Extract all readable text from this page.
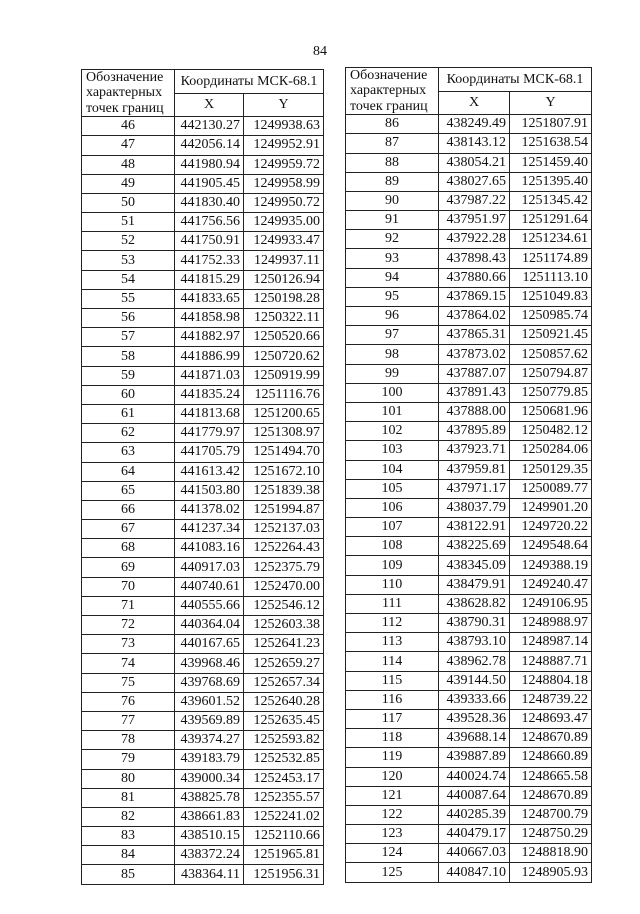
84
Обозначение характерных точек границ	Координаты МСК-68.1	
	X	Y
46	442130.27	1249938.63
47	442056.14	1249952.91
48	441980.94	1249959.72
49	441905.45	1249958.99
50	441830.40	1249950.72
51	441756.56	1249935.00
52	441750.91	1249933.47
53	441752.33	1249937.11
54	441815.29	1250126.94
55	441833.65	1250198.28
56	441858.98	1250322.11
57	441882.97	1250520.66
58	441886.99	1250720.62
59	441871.03	1250919.99
60	441835.24	1251116.76
61	441813.68	1251200.65
62	441779.97	1251308.97
63	441705.79	1251494.70
64	441613.42	1251672.10
65	441503.80	1251839.38
66	441378.02	1251994.87
67	441237.34	1252137.03
68	441083.16	1252264.43
69	440917.03	1252375.79
70	440740.61	1252470.00
71	440555.66	1252546.12
72	440364.04	1252603.38
73	440167.65	1252641.23
74	439968.46	1252659.27
75	439768.69	1252657.34
76	439601.52	1252640.28
77	439569.89	1252635.45
78	439374.27	1252593.82
79	439183.79	1252532.85
80	439000.34	1252453.17
81	438825.78	1252355.57
82	438661.83	1252241.02
83	438510.15	1252110.66
84	438372.24	1251965.81
85	438364.11	1251956.31
Обозначение характерных точек границ	Координаты МСК-68.1	
	X	Y
86	438249.49	1251807.91
87	438143.12	1251638.54
88	438054.21	1251459.40
89	438027.65	1251395.40
90	437987.22	1251345.42
91	437951.97	1251291.64
92	437922.28	1251234.61
93	437898.43	1251174.89
94	437880.66	1251113.10
95	437869.15	1251049.83
96	437864.02	1250985.74
97	437865.31	1250921.45
98	437873.02	1250857.62
99	437887.07	1250794.87
100	437891.43	1250779.85
101	437888.00	1250681.96
102	437895.89	1250482.12
103	437923.71	1250284.06
104	437959.81	1250129.35
105	437971.17	1250089.77
106	438037.79	1249901.20
107	438122.91	1249720.22
108	438225.69	1249548.64
109	438345.09	1249388.19
110	438479.91	1249240.47
111	438628.82	1249106.95
112	438790.31	1248988.97
113	438793.10	1248987.14
114	438962.78	1248887.71
115	439144.50	1248804.18
116	439333.66	1248739.22
117	439528.36	1248693.47
118	439688.14	1248670.89
119	439887.89	1248660.89
120	440024.74	1248665.58
121	440087.64	1248670.89
122	440285.39	1248700.79
123	440479.17	1248750.29
124	440667.03	1248818.90
125	440847.10	1248905.93
